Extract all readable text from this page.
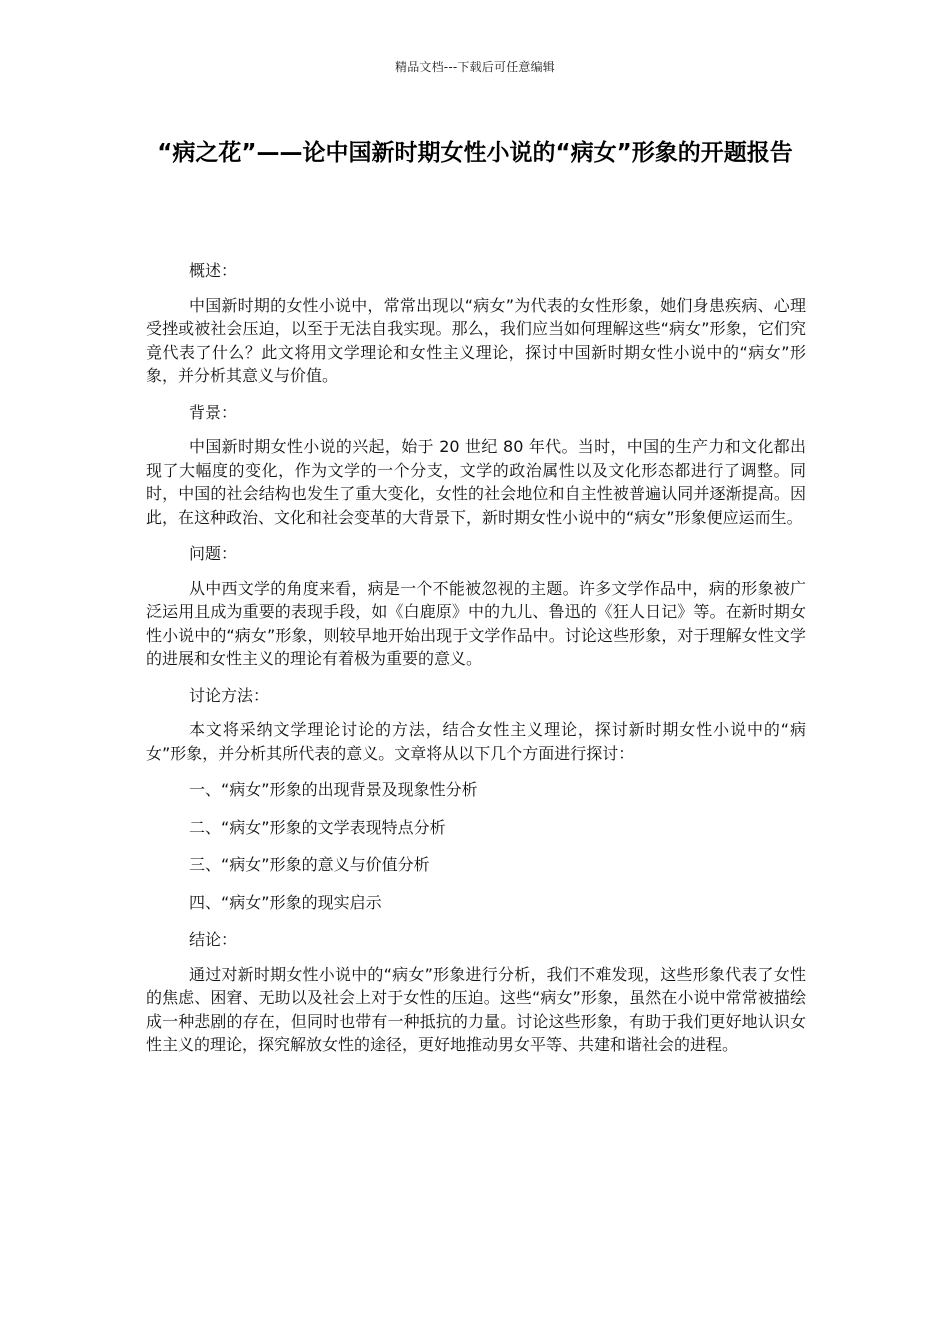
精品文档---下载后可任意编辑
“病之花”——论中国新时期女性小说的“病女”形象的开题报告

概述：

中国新时期的女性小说中，常常出现以“病女”为代表的女性形象，她们身患疾病、心理受挫或被社会压迫，以至于无法自我实现。那么，我们应当如何理解这些“病女”形象，它们究竟代表了什么？此文将用文学理论和女性主义理论，探讨中国新时期女性小说中的“病女”形象，并分析其意义与价值。

背景：

中国新时期女性小说的兴起，始于 20 世纪 80 年代。当时，中国的生产力和文化都出现了大幅度的变化，作为文学的一个分支，文学的政治属性以及文化形态都进行了调整。同时，中国的社会结构也发生了重大变化，女性的社会地位和自主性被普遍认同并逐渐提高。因此，在这种政治、文化和社会变革的大背景下，新时期女性小说中的“病女”形象便应运而生。

问题：

从中西文学的角度来看，病是一个不能被忽视的主题。许多文学作品中，病的形象被广泛运用且成为重要的表现手段，如《白鹿原》中的九儿、鲁迅的《狂人日记》等。在新时期女性小说中的“病女”形象，则较早地开始出现于文学作品中。讨论这些形象，对于理解女性文学的进展和女性主义的理论有着极为重要的意义。

讨论方法：

本文将采纳文学理论讨论的方法，结合女性主义理论，探讨新时期女性小说中的“病女”形象，并分析其所代表的意义。文章将从以下几个方面进行探讨：

一、“病女”形象的出现背景及现象性分析

二、“病女”形象的文学表现特点分析

三、“病女”形象的意义与价值分析

四、“病女”形象的现实启示

结论：

通过对新时期女性小说中的“病女”形象进行分析，我们不难发现，这些形象代表了女性的焦虑、困窘、无助以及社会上对于女性的压迫。这些“病女”形象，虽然在小说中常常被描绘成一种悲剧的存在，但同时也带有一种抵抗的力量。讨论这些形象，有助于我们更好地认识女性主义的理论，探究解放女性的途径，更好地推动男女平等、共建和谐社会的进程。
